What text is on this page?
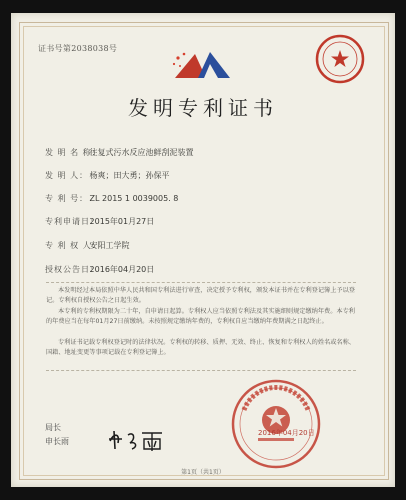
证书号第2038038号
发明专利证书
发 明 名 称： 往复式污水反应池鲜刮泥装置
发 明 人： 杨爽；田大勇；孙保平
专 利 号： ZL 2015 1 0039005. 8
专利申请日： 2015年01月27日
专 利 权 人： 安阳工学院
授权公告日： 2016年04月20日
本发明经过本局依照中华人民共和国专利法进行审查，决定授予专利权，颁发本证书并在专利登记簿上予以登记。专利权自授权公告之日起生效。
本专利的专利权期限为二十年，自申请日起算。专利权人应当依照专利法及其实施细则规定缴纳年费。本专利的年费应当在每年01月27日前缴纳。未按照规定缴纳年费的，专利权自应当缴纳年费期满之日起终止。
专利证书记载专利权登记时的法律状况。专利权的转移、质押、无效、终止、恢复和专利权人的姓名或名称、国籍、地址变更等事项记载在专利登记簿上。
局长
申长雨
2016年04月20日
第1页（共1页）
